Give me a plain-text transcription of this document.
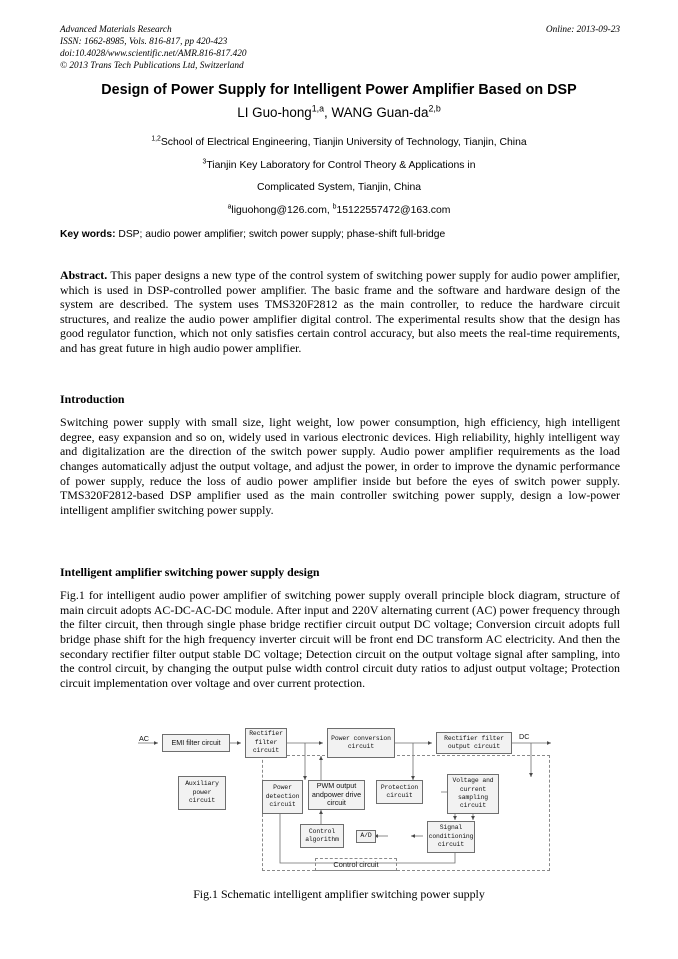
Advanced Materials Research	Online: 2013-09-23
ISSN: 1662-8985, Vols. 816-817, pp 420-423
doi:10.4028/www.scientific.net/AMR.816-817.420
© 2013 Trans Tech Publications Ltd, Switzerland
Design of Power Supply for Intelligent Power Amplifier Based on DSP
LI Guo-hong$^{1,a}$, WANG Guan-da$^{2,b}$
$^{1,2}$School of Electrical Engineering, Tianjin University of Technology, Tianjin, China
$^3$Tianjin Key Laboratory for Control Theory & Applications in
Complicated System, Tianjin, China
$^a$liguohong@126.com, $^b$15122557472@163.com
Key words: DSP; audio power amplifier; switch power supply; phase-shift full-bridge
Abstract. This paper designs a new type of the control system of switching power supply for audio power amplifier, which is used in DSP-controlled power amplifier. The basic frame and the software and hardware design of the system are described. The system uses TMS320F2812 as the main controller, to reduce the hardware circuit structures, and realize the audio power amplifier digital control. The experimental results show that the design has good regulator function, which not only satisfies certain control accuracy, but also meets the real-time requirements, and has great future in high audio power amplifier.
Introduction
Switching power supply with small size, light weight, low power consumption, high efficiency, high intelligent degree, easy expansion and so on, widely used in various electronic devices. High reliability, highly intelligent way and digitalization are the direction of the switch power supply. Audio power amplifier requirements as the load changes automatically adjust the output voltage, and adjust the power, in order to improve the dynamic performance of power supply, reduce the loss of audio power amplifier inside but before the eyes of switch power supply. TMS320F2812-based DSP amplifier used as the main controller switching power supply, design a low-power intelligent amplifier switching power supply.
Intelligent amplifier switching power supply design
Fig.1 for intelligent audio power amplifier of switching power supply overall principle block diagram, structure of main circuit adopts AC-DC-AC-DC module. After input and 220V alternating current (AC) power frequency through the filter circuit, then through single phase bridge rectifier circuit output DC voltage; Conversion circuit adopts full bridge phase shift for the high frequency inverter circuit will be front end DC transform AC electricity. And then the secondary rectifier filter output stable DC voltage; Detection circuit on the output voltage signal after sampling, into the control circuit, by changing the output pulse width control circuit duty ratios to adjust output voltage; Protection circuit implementation over voltage and over current protection.
EMI filter circuit
Rectifier filter circuit
Power conversion circuit
Rectifier filter output circuit
AC	DC
Auxiliary power circuit
Power detection circuit
PWM output andpower drive circuit
Protection circuit
Voltage and current sampling circuit
Control algorithm
A/D
Signal conditioning circuit
Control circuit
Fig.1 Schematic intelligent amplifier switching power supply
